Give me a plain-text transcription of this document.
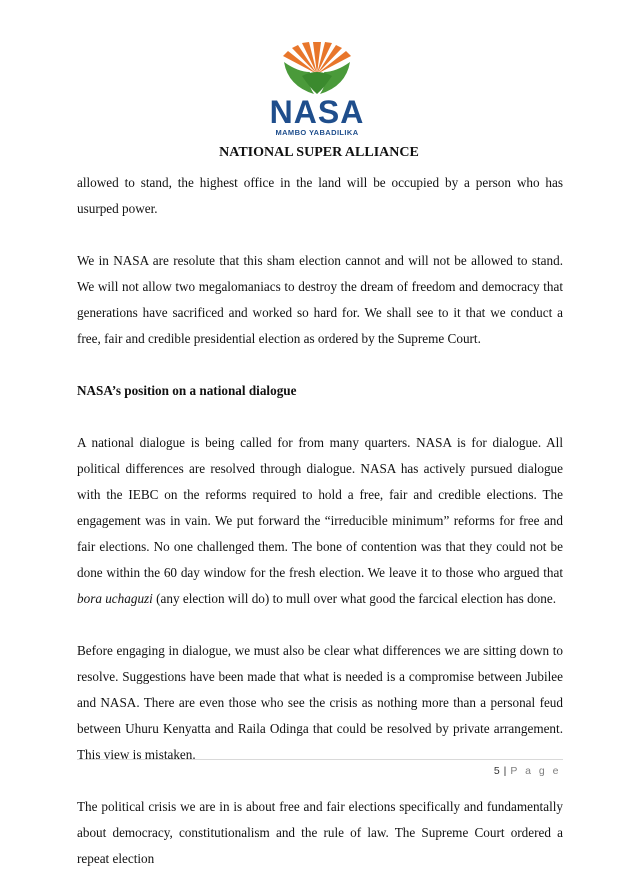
NASA
MAMBO YABADILIKA
NATIONAL SUPER ALLIANCE

allowed to stand, the highest office in the land will be occupied by a person who has usurped power.

We in NASA are resolute that this sham election cannot and will not be allowed to stand. We will not allow two megalomaniacs to destroy the dream of freedom and democracy that generations have sacrificed and worked so hard for. We shall see to it that we conduct a free, fair and credible presidential election as ordered by the Supreme Court.

NASA’s position on a national dialogue

A national dialogue is being called for from many quarters. NASA is for dialogue. All political differences are resolved through dialogue. NASA has actively pursued dialogue with the IEBC on the reforms required to hold a free, fair and credible elections. The engagement was in vain. We put forward the “irreducible minimum” reforms for free and fair elections. No one challenged them. The bone of contention was that they could not be done within the 60 day window for the fresh election. We leave it to those who argued that bora uchaguzi (any election will do) to mull over what good the farcical election has done.

Before engaging in dialogue, we must also be clear what differences we are sitting down to resolve. Suggestions have been made that what is needed is a compromise between Jubilee and NASA. There are even those who see the crisis as nothing more than a personal feud between Uhuru Kenyatta and Raila Odinga that could be resolved by private arrangement. This view is mistaken.

The political crisis we are in is about free and fair elections specifically and fundamentally about democracy, constitutionalism and the rule of law. The Supreme Court ordered a repeat election

5 | P a g e
